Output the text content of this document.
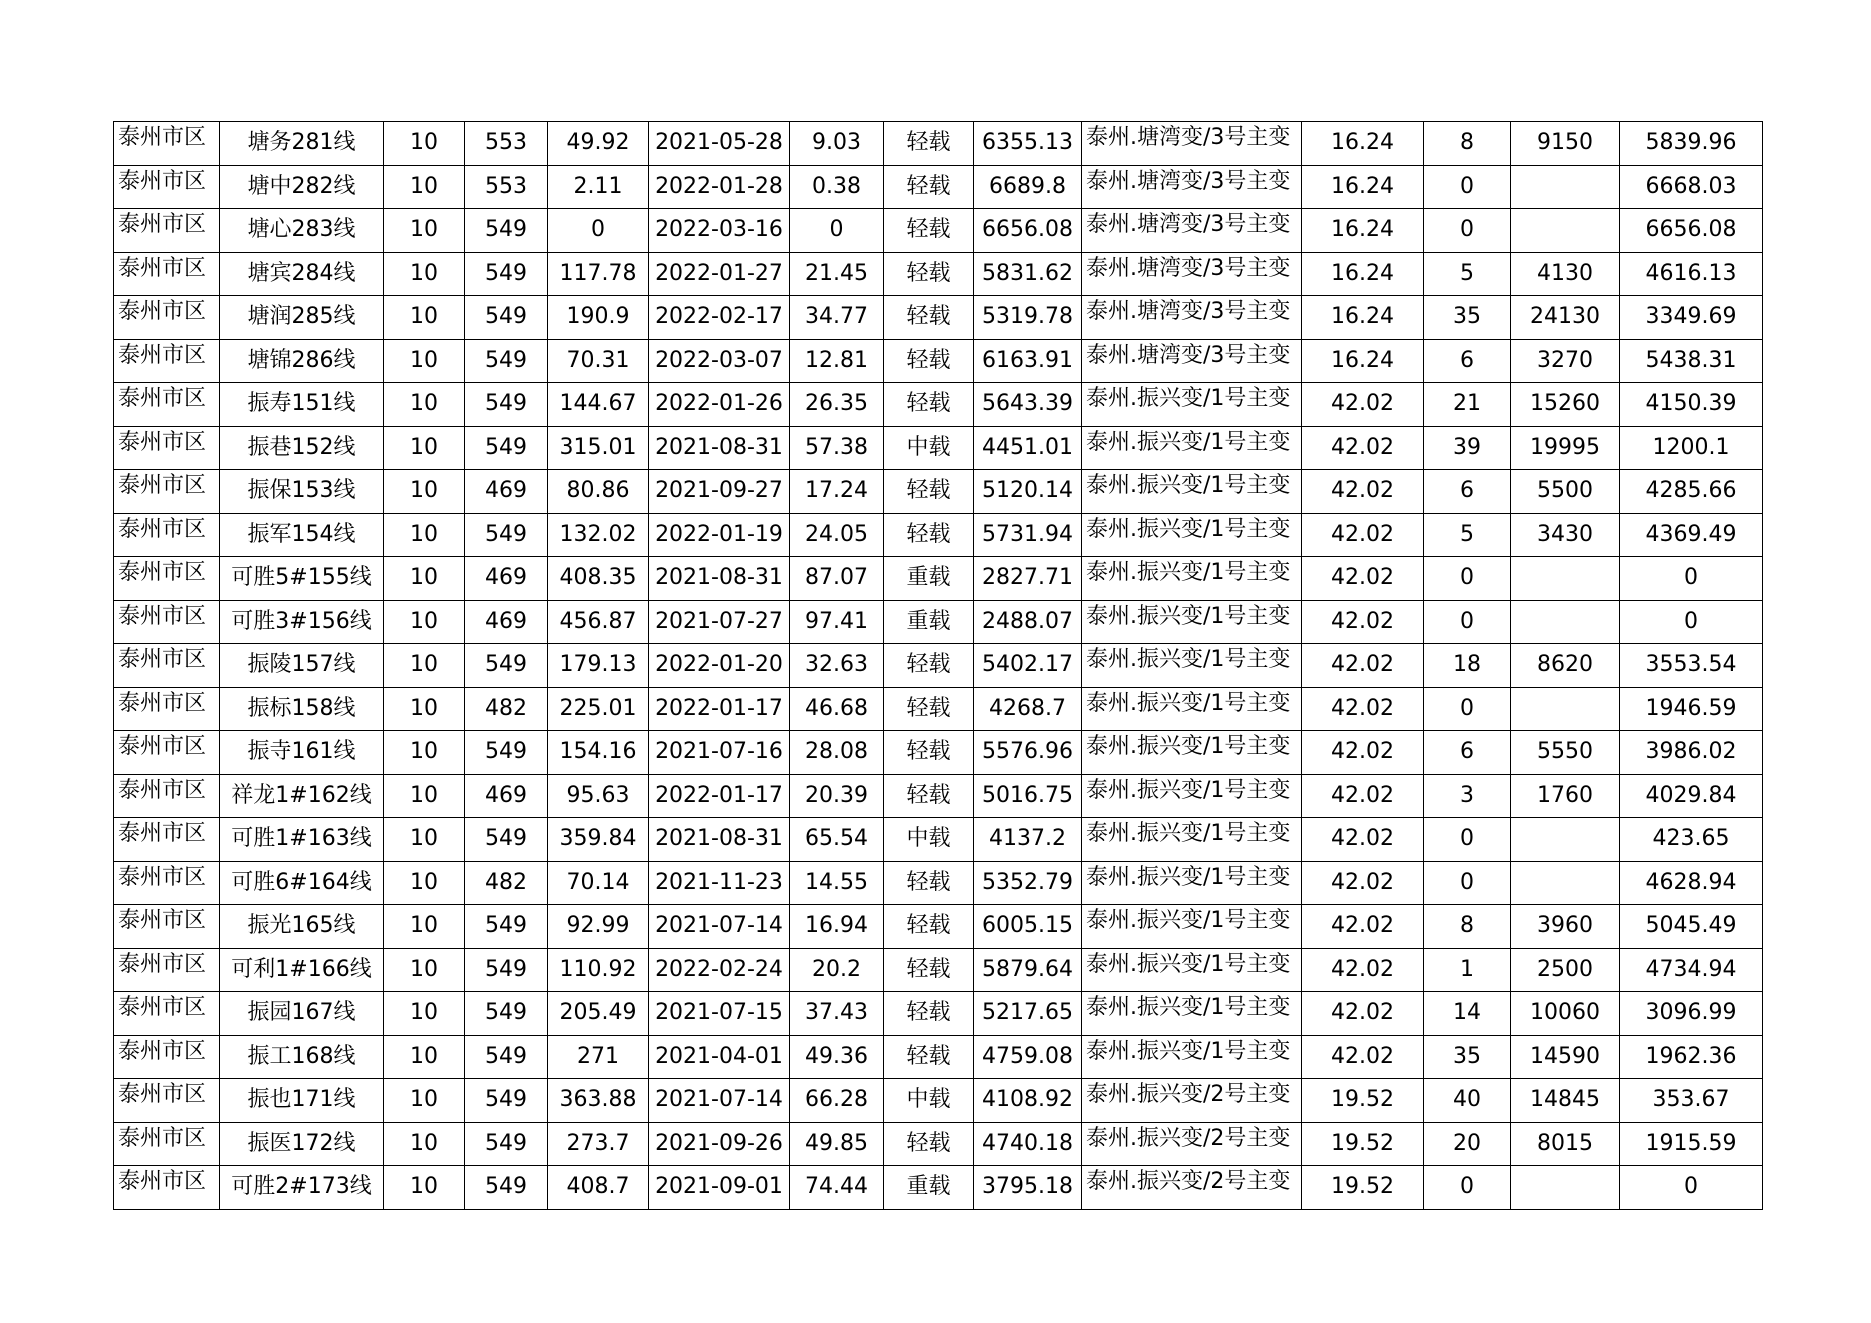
泰州市区	塘务281线	10	553	49.92	2021-05-28	9.03	轻载	6355.13	泰州.塘湾变/3号主变	16.24	8	9150	5839.96

泰州市区	塘中282线	10	553	2.11	2022-01-28	0.38	轻载	6689.8	泰州.塘湾变/3号主变	16.24	0		6668.03

泰州市区	塘心283线	10	549	0	2022-03-16	0	轻载	6656.08	泰州.塘湾变/3号主变	16.24	0		6656.08

泰州市区	塘宾284线	10	549	117.78	2022-01-27	21.45	轻载	5831.62	泰州.塘湾变/3号主变	16.24	5	4130	4616.13

泰州市区	塘润285线	10	549	190.9	2022-02-17	34.77	轻载	5319.78	泰州.塘湾变/3号主变	16.24	35	24130	3349.69

泰州市区	塘锦286线	10	549	70.31	2022-03-07	12.81	轻载	6163.91	泰州.塘湾变/3号主变	16.24	6	3270	5438.31

泰州市区	振寿151线	10	549	144.67	2022-01-26	26.35	轻载	5643.39	泰州.振兴变/1号主变	42.02	21	15260	4150.39

泰州市区	振巷152线	10	549	315.01	2021-08-31	57.38	中载	4451.01	泰州.振兴变/1号主变	42.02	39	19995	1200.1

泰州市区	振保153线	10	469	80.86	2021-09-27	17.24	轻载	5120.14	泰州.振兴变/1号主变	42.02	6	5500	4285.66

泰州市区	振军154线	10	549	132.02	2022-01-19	24.05	轻载	5731.94	泰州.振兴变/1号主变	42.02	5	3430	4369.49

泰州市区	可胜5#155线	10	469	408.35	2021-08-31	87.07	重载	2827.71	泰州.振兴变/1号主变	42.02	0		0

泰州市区	可胜3#156线	10	469	456.87	2021-07-27	97.41	重载	2488.07	泰州.振兴变/1号主变	42.02	0		0

泰州市区	振陵157线	10	549	179.13	2022-01-20	32.63	轻载	5402.17	泰州.振兴变/1号主变	42.02	18	8620	3553.54

泰州市区	振标158线	10	482	225.01	2022-01-17	46.68	轻载	4268.7	泰州.振兴变/1号主变	42.02	0		1946.59

泰州市区	振寺161线	10	549	154.16	2021-07-16	28.08	轻载	5576.96	泰州.振兴变/1号主变	42.02	6	5550	3986.02

泰州市区	祥龙1#162线	10	469	95.63	2022-01-17	20.39	轻载	5016.75	泰州.振兴变/1号主变	42.02	3	1760	4029.84

泰州市区	可胜1#163线	10	549	359.84	2021-08-31	65.54	中载	4137.2	泰州.振兴变/1号主变	42.02	0		423.65

泰州市区	可胜6#164线	10	482	70.14	2021-11-23	14.55	轻载	5352.79	泰州.振兴变/1号主变	42.02	0		4628.94

泰州市区	振光165线	10	549	92.99	2021-07-14	16.94	轻载	6005.15	泰州.振兴变/1号主变	42.02	8	3960	5045.49

泰州市区	可利1#166线	10	549	110.92	2022-02-24	20.2	轻载	5879.64	泰州.振兴变/1号主变	42.02	1	2500	4734.94

泰州市区	振园167线	10	549	205.49	2021-07-15	37.43	轻载	5217.65	泰州.振兴变/1号主变	42.02	14	10060	3096.99

泰州市区	振工168线	10	549	271	2021-04-01	49.36	轻载	4759.08	泰州.振兴变/1号主变	42.02	35	14590	1962.36

泰州市区	振也171线	10	549	363.88	2021-07-14	66.28	中载	4108.92	泰州.振兴变/2号主变	19.52	40	14845	353.67

泰州市区	振医172线	10	549	273.7	2021-09-26	49.85	轻载	4740.18	泰州.振兴变/2号主变	19.52	20	8015	1915.59

泰州市区	可胜2#173线	10	549	408.7	2021-09-01	74.44	重载	3795.18	泰州.振兴变/2号主变	19.52	0		0
